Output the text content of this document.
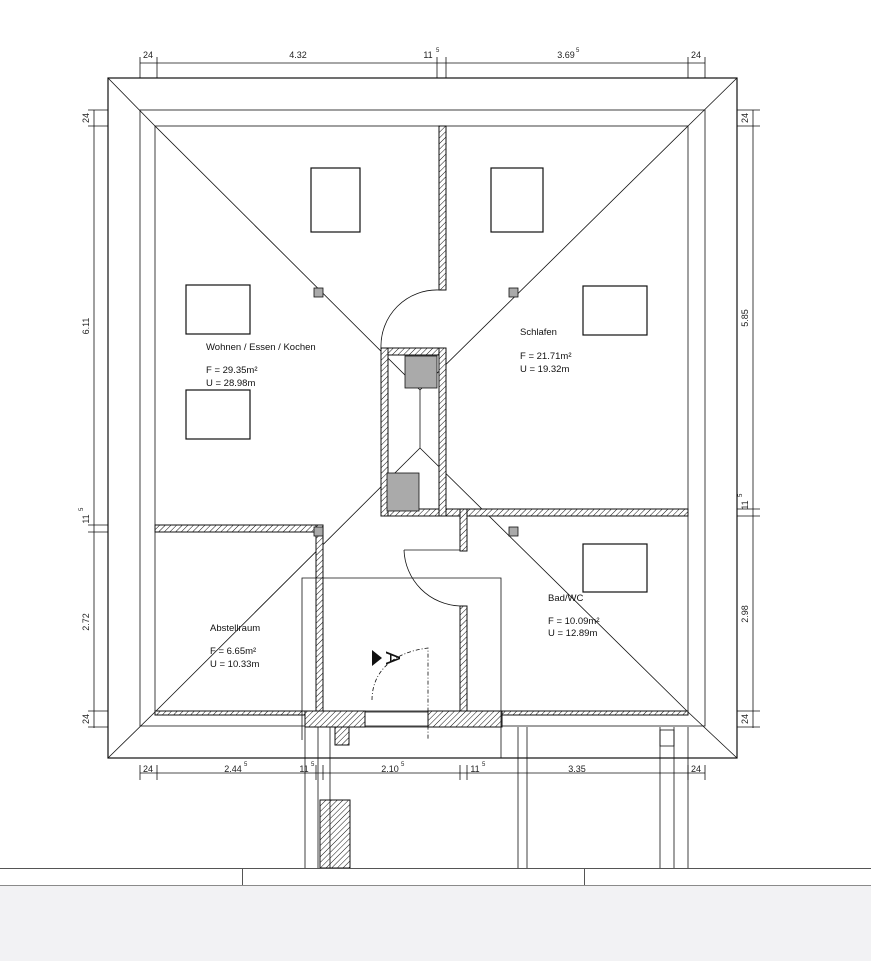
A
Wohnen / Essen / Kochen
F = 29.35m²
U = 28.98m
Schlafen
F = 21.71m²
U = 19.32m
Abstellraum
F = 6.65m²
U = 10.33m
Bad/WC
F = 10.09m²
U = 12.89m
24	4.32	11 5	3.69 5	24
24	2.44 5	11 5	2.10 5	11 5	3.35	24
24
6.11
11
5
2.72
24
24
5.85
11
5
2.98
24
